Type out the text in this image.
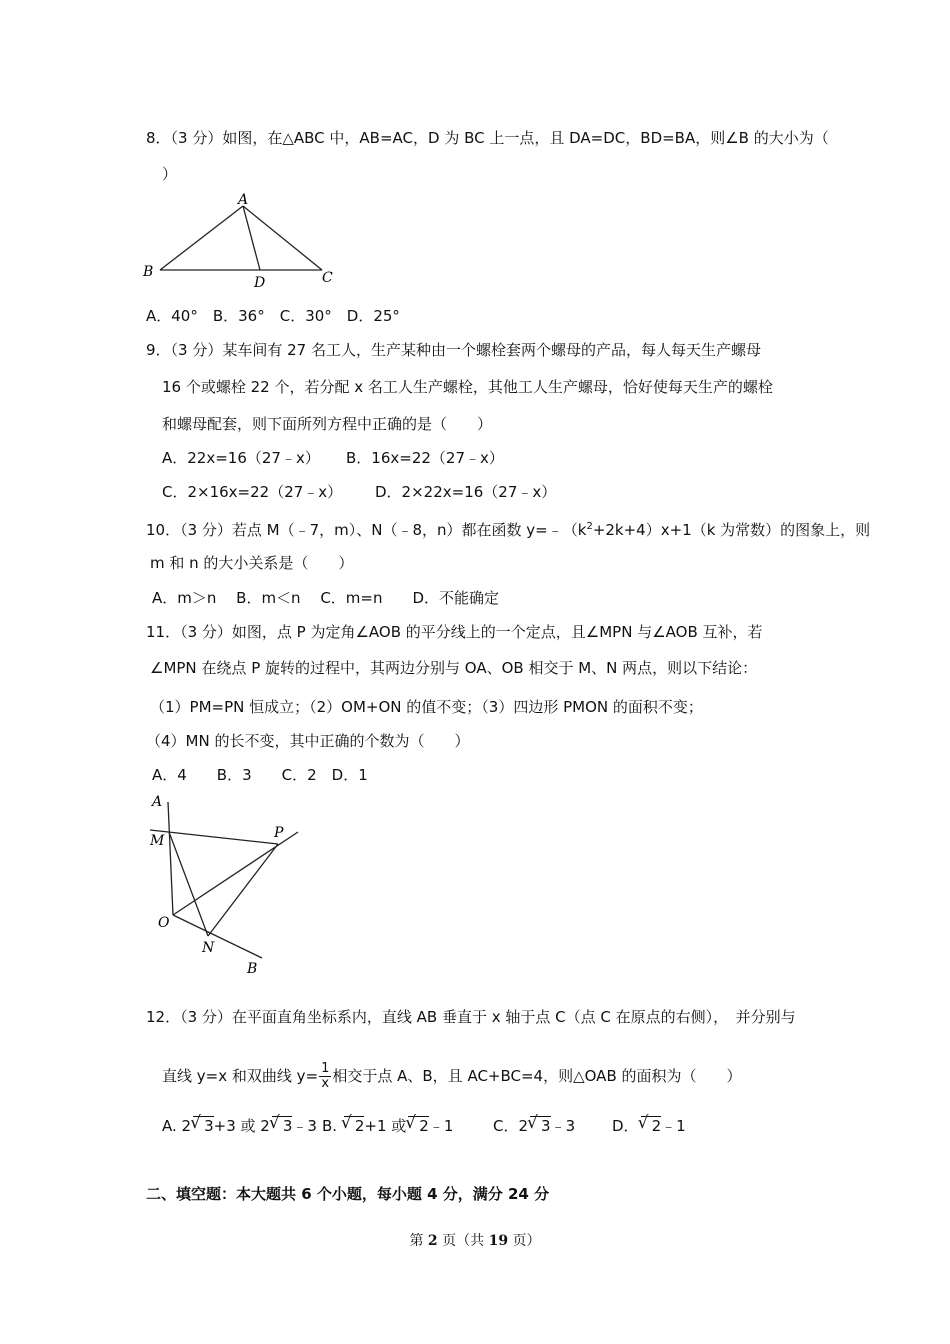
8．（3 分）如图，在△ABC 中，AB=AC，D 为 BC 上一点，且 DA=DC，BD=BA，则∠B 的大小为（
）
A
B	C
D
A．40°　B．36°　C．30°　D．25°
9．（3 分）某车间有 27 名工人，生产某种由一个螺栓套两个螺母的产品，每人每天生产螺母
16 个或螺栓 22 个，若分配 x 名工人生产螺栓，其他工人生产螺母，恰好使每天生产的螺栓
和螺母配套，则下面所列方程中正确的是（　　）
A．22x=16（27﹣x） B．16x=22（27﹣x）
C．2×16x=22（27﹣x） D．2×22x=16（27﹣x）
10．（3 分）若点 M（﹣7，m）、N（﹣8，n）都在函数 $y=﹣(k^2+2k+4)x+1(k$ 为常数）的图象上，则
m 和 n 的大小关系是（　　）
A．m＞n　 B．m＜n　 C．m=n　　D．不能确定
11．（3 分）如图，点 P 为定角∠AOB 的平分线上的一个定点，且∠MPN 与∠AOB 互补，若
∠MPN 在绕点 P 旋转的过程中，其两边分别与 OA、OB 相交于 M、N 两点，则以下结论：
（1）PM=PN 恒成立；（2）OM+ON 的值不变；（3）四边形 PMON 的面积不变；
（4）MN 的长不变，其中正确的个数为（　　）
A．4　　B．3　　C．2　D．1
A
M	P
O
N
B
12．（3 分）在平面直角坐标系内，直线 AB 垂直于 x 轴于点 C（点 C 在原点的右侧），　并分别与
直线 y=x 和双曲线 $y= \frac{1}{x}$ 相交于点 A、B，且 AC+BC=4，则△OAB 的面积为（　　）
A. 2 √ 3+3 或 2 √ 3﹣3 B. √ 2+1 或 √ 2﹣1	C．2 √ 3﹣3 D． √ 2﹣1
二、填空题：本大题共 6 个小题，每小题 4 分，满分 24 分
第 2 页（共 19 页）
